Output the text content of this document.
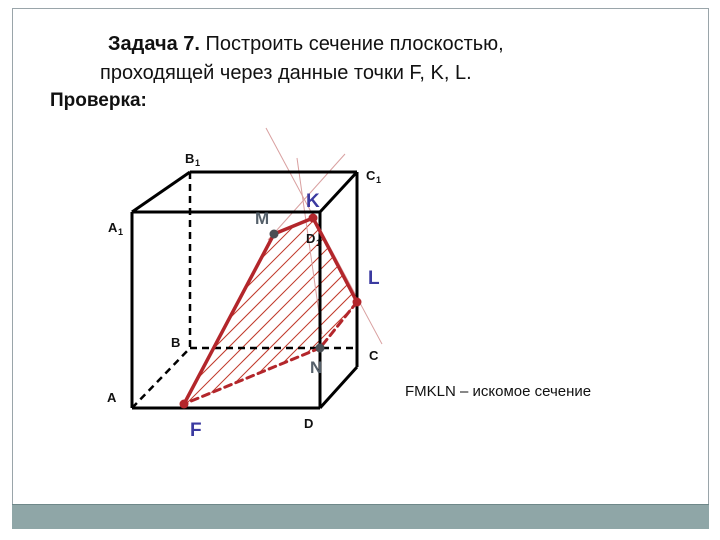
Задача 7. Построить сечение плоскостью,
проходящей через данные точки F, K, L.
Проверка:
A
B
C
D
A 1
B 1
C 1
D 1
F
K
L
M
N
FMKLN – искомое сечение
